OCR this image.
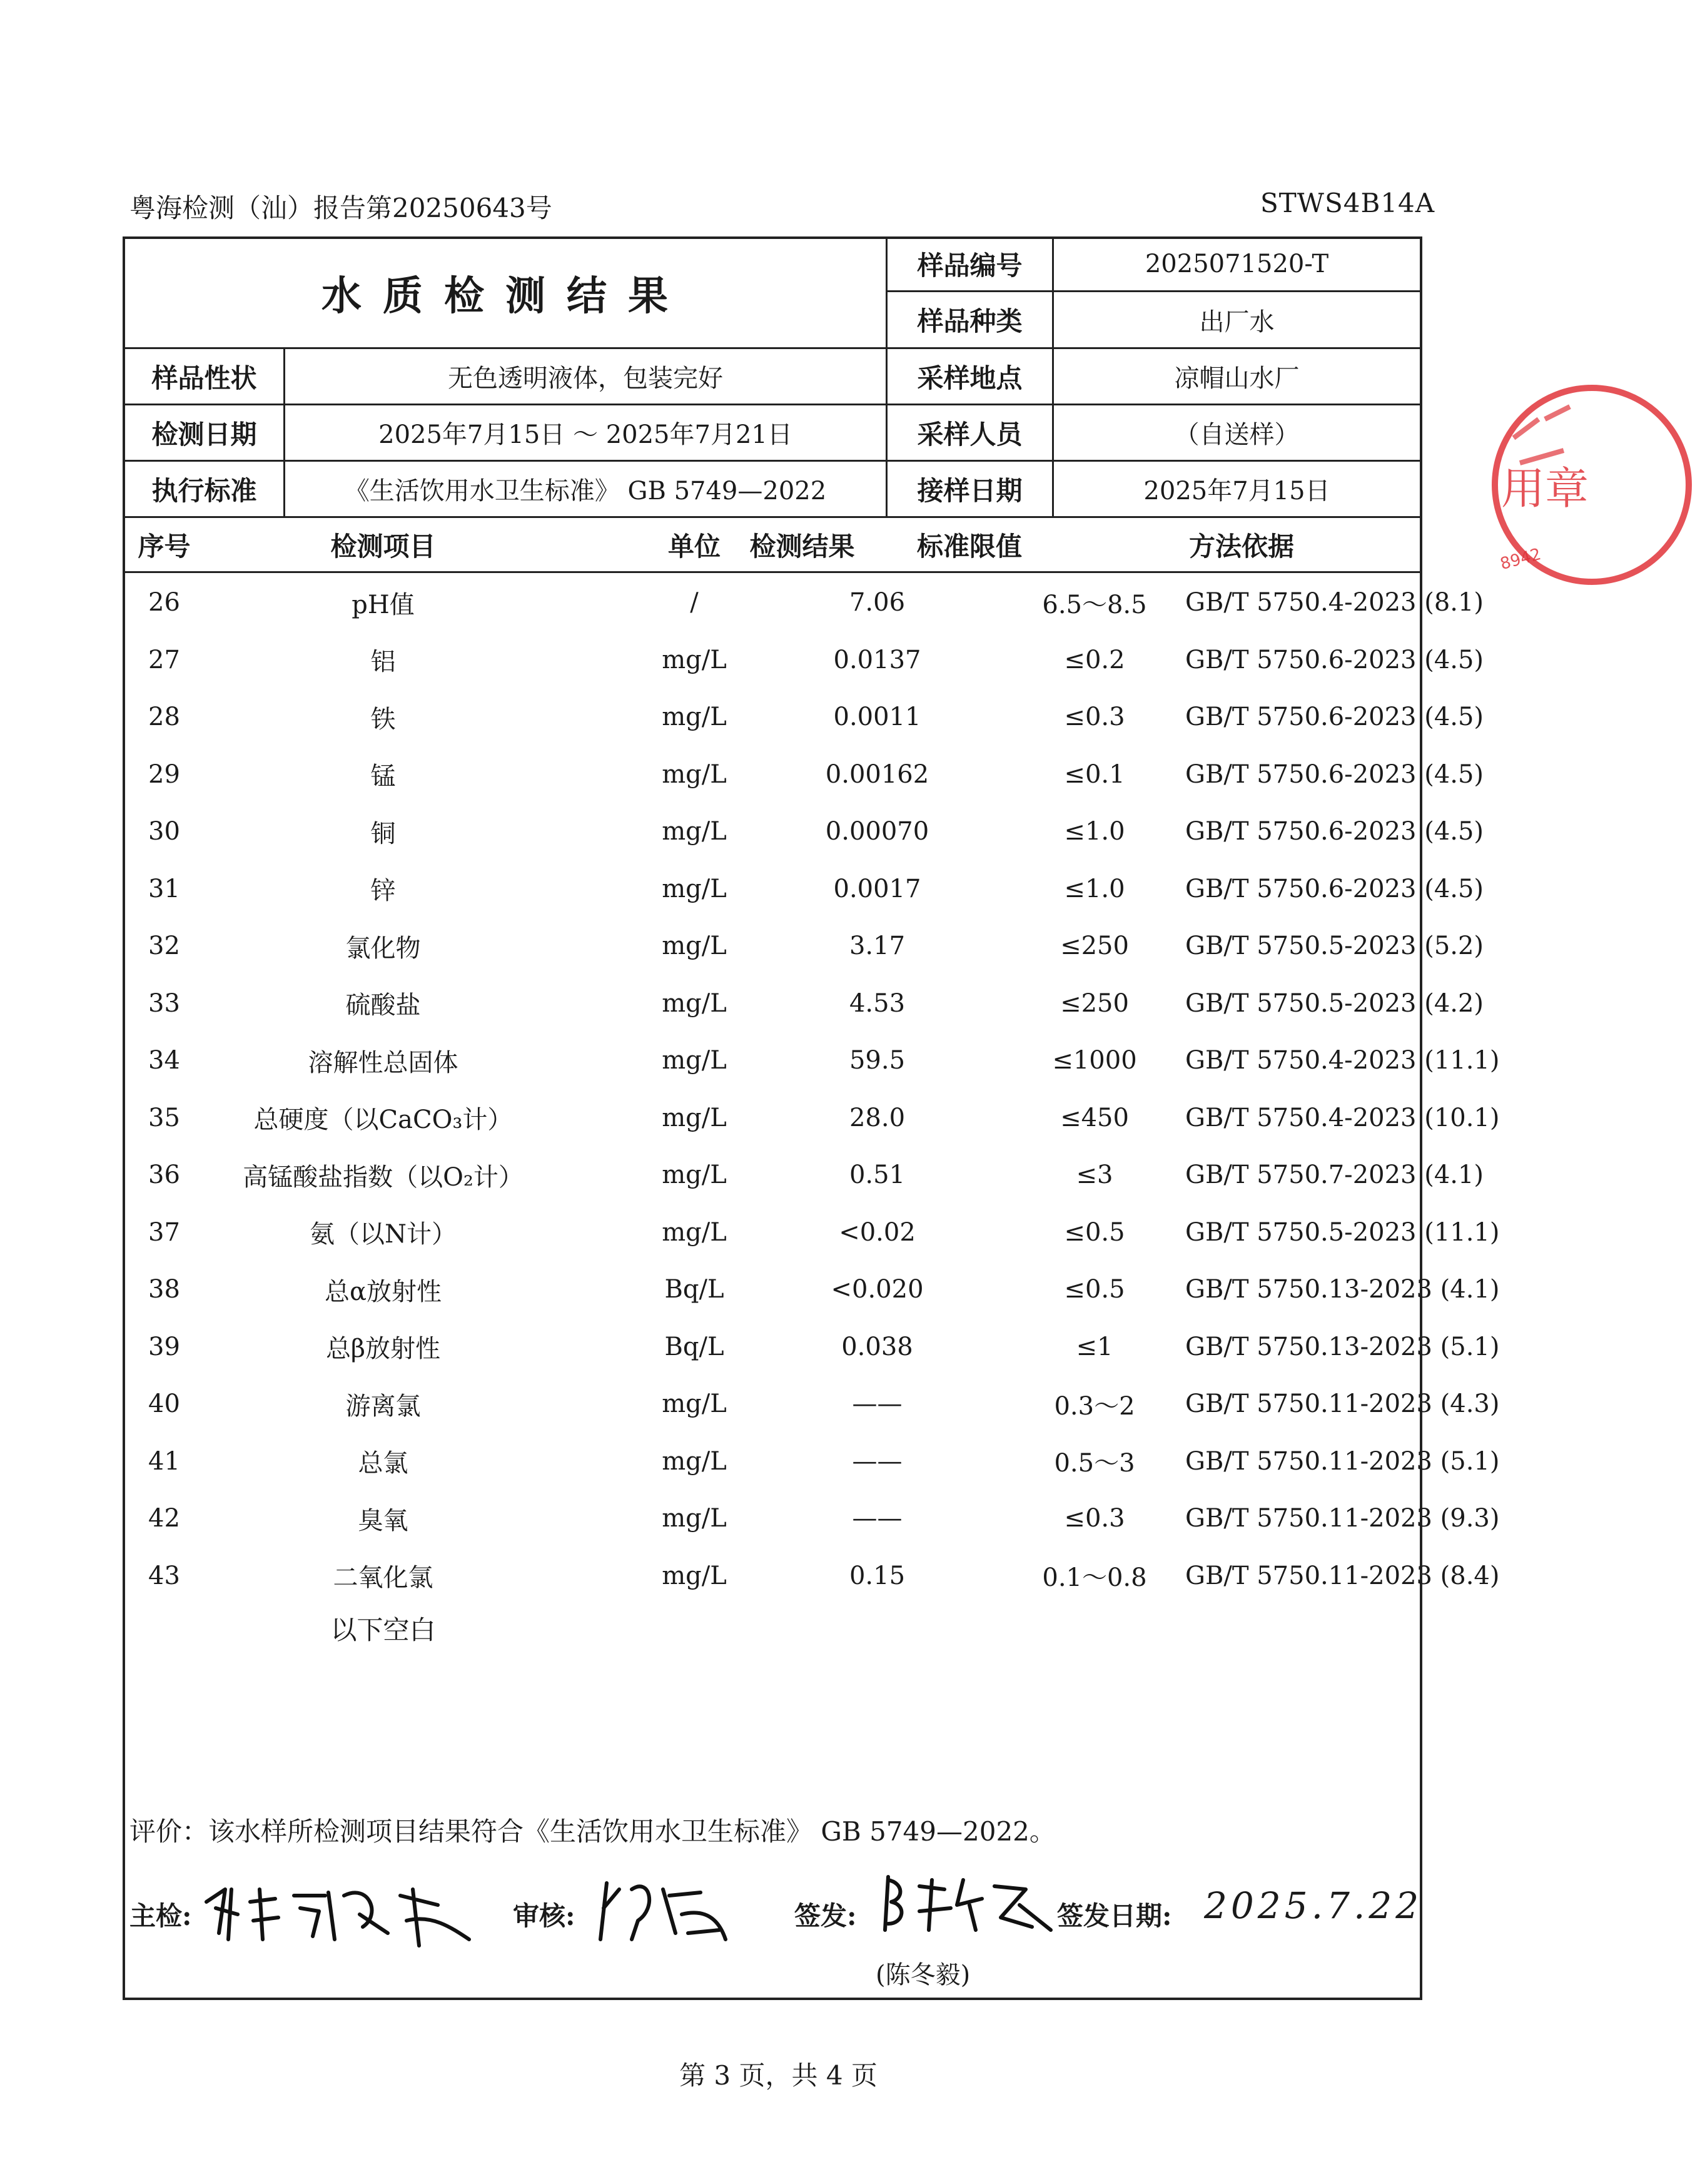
粤海检测（汕）报告第20250643号	STWS4B14A
水质检测结果
样品编号	2025071520-T
样品种类	出厂水
样品性状	无色透明液体，包装完好	采样地点	凉帽山水厂
检测日期	2025年7月15日 ～ 2025年7月21日	采样人员	（自送样）
执行标准	《生活饮用水卫生标准》 GB 5749—2022	接样日期	2025年7月15日
序号	检测项目	单位	检测结果	标准限值	方法依据
26	pH值	/	7.06	6.5～8.5	GB/T 5750.4-2023 (8.1)
27	铝	mg/L	0.0137	≤0.2	GB/T 5750.6-2023 (4.5)
28	铁	mg/L	0.0011	≤0.3	GB/T 5750.6-2023 (4.5)
29	锰	mg/L	0.00162	≤0.1	GB/T 5750.6-2023 (4.5)
30	铜	mg/L	0.00070	≤1.0	GB/T 5750.6-2023 (4.5)
31	锌	mg/L	0.0017	≤1.0	GB/T 5750.6-2023 (4.5)
32	氯化物	mg/L	3.17	≤250	GB/T 5750.5-2023 (5.2)
33	硫酸盐	mg/L	4.53	≤250	GB/T 5750.5-2023 (4.2)
34	溶解性总固体	mg/L	59.5	≤1000	GB/T 5750.4-2023 (11.1)
35	总硬度（以CaCO₃计）	mg/L	28.0	≤450	GB/T 5750.4-2023 (10.1)
36	高锰酸盐指数（以O₂计）	mg/L	0.51	≤3	GB/T 5750.7-2023 (4.1)
37	氨（以N计）	mg/L	<0.02	≤0.5	GB/T 5750.5-2023 (11.1)
38	总α放射性	Bq/L	<0.020	≤0.5	GB/T 5750.13-2023 (4.1)
39	总β放射性	Bq/L	0.038	≤1	GB/T 5750.13-2023 (5.1)
40	游离氯	mg/L	——	0.3～2	GB/T 5750.11-2023 (4.3)
41	总氯	mg/L	——	0.5～3	GB/T 5750.11-2023 (5.1)
42	臭氧	mg/L	——	≤0.3	GB/T 5750.11-2023 (9.3)
43	二氧化氯	mg/L	0.15	0.1～0.8	GB/T 5750.11-2023 (8.4)
以下空白
评价：该水样所检测项目结果符合《生活饮用水卫生标准》 GB 5749—2022。
主检:	审核:	签发:
(陈冬毅)
签发日期: 2025.7.22
第 3 页，共 4 页
用章
8942
